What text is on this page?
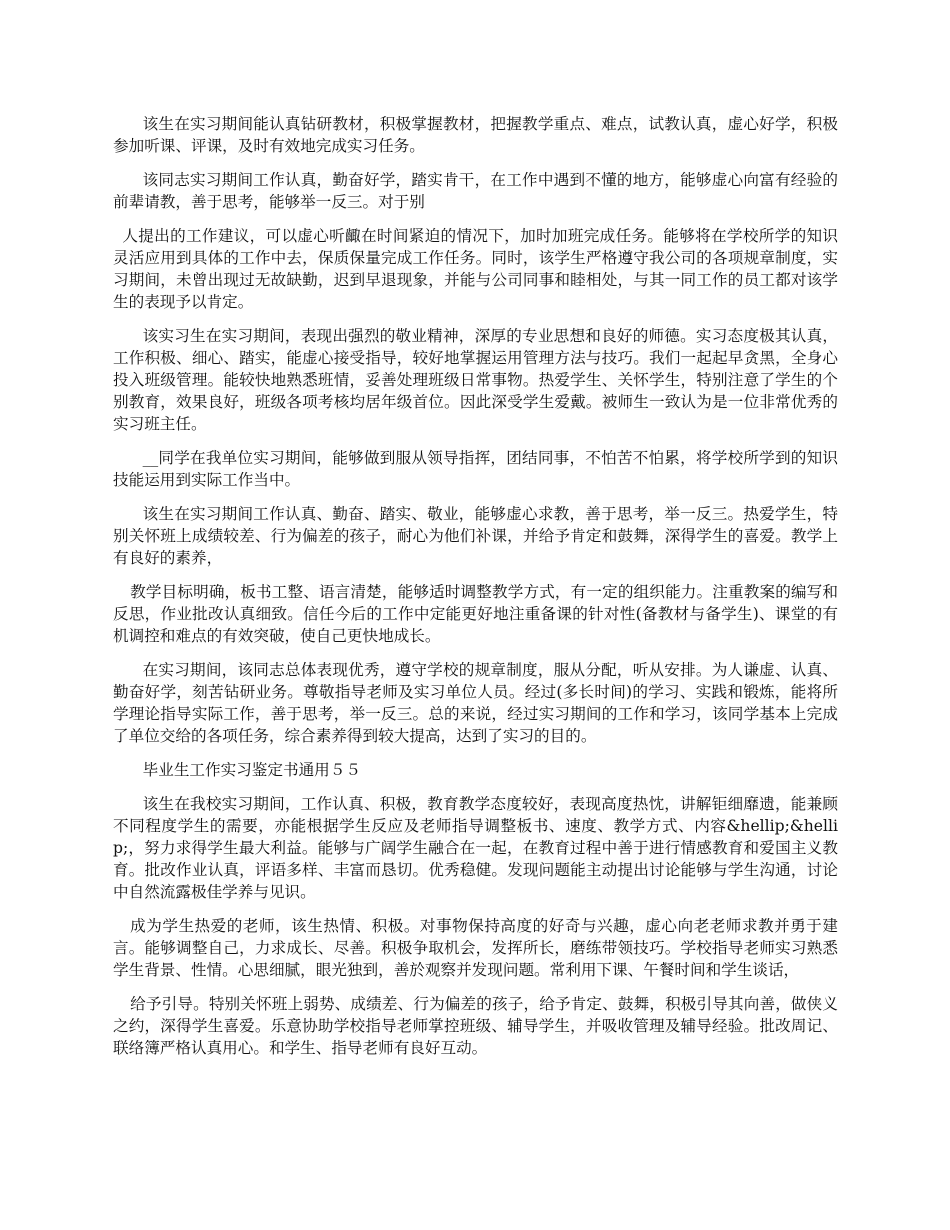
该生在实习期间能认真钻研教材，积极掌握教材，把握教学重点、难点，试教认真，虚心好学，积极参加听课、评课，及时有效地完成实习任务。

该同志实习期间工作认真，勤奋好学，踏实肯干，在工作中遇到不懂的地方，能够虚心向富有经验的前辈请教，善于思考，能够举一反三。对于别

人提出的工作建议，可以虚心听齱在时间紧迫的情况下，加时加班完成任务。能够将在学校所学的知识灵活应用到具体的工作中去，保质保量完成工作任务。同时，该学生严格遵守我公司的各项规章制度，实习期间，未曾出现过无故缺勤，迟到早退现象，并能与公司同事和睦相处，与其一同工作的员工都对该学生的表现予以肯定。

该实习生在实习期间，表现出强烈的敬业精神，深厚的专业思想和良好的师德。实习态度极其认真，工作积极、细心、踏实，能虚心接受指导，较好地掌握运用管理方法与技巧。我们一起起早贪黑，全身心投入班级管理。能较快地熟悉班情，妥善处理班级日常事物。热爱学生、关怀学生，特别注意了学生的个别教育，效果良好，班级各项考核均居年级首位。因此深受学生爱戴。被师生一致认为是一位非常优秀的实习班主任。

__同学在我单位实习期间，能够做到服从领导指挥，团结同事，不怕苦不怕累，将学校所学到的知识技能运用到实际工作当中。

该生在实习期间工作认真、勤奋、踏实、敬业，能够虚心求教，善于思考，举一反三。热爱学生，特别关怀班上成绩较差、行为偏差的孩子，耐心为他们补课，并给予肯定和鼓舞，深得学生的喜爱。教学上有良好的素养，

教学目标明确，板书工整、语言清楚，能够适时调整教学方式，有一定的组织能力。注重教案的编写和反思，作业批改认真细致。信任今后的工作中定能更好地注重备课的针对性(备教材与备学生)、课堂的有机调控和难点的有效突破，使自己更快地成长。

在实习期间，该同志总体表现优秀，遵守学校的规章制度，服从分配，听从安排。为人谦虚、认真、勤奋好学，刻苦钻研业务。尊敬指导老师及实习单位人员。经过(多长时间)的学习、实践和锻炼，能将所学理论指导实际工作，善于思考，举一反三。总的来说，经过实习期间的工作和学习，该同学基本上完成了单位交给的各项任务，综合素养得到较大提高，达到了实习的目的。

毕业生工作实习鉴定书通用５５

该生在我校实习期间，工作认真、积极，教育教学态度较好，表现高度热忱，讲解钜细靡遗，能兼顾不同程度学生的需要，亦能根据学生反应及老师指导调整板书、速度、教学方式、内容&hellip;&hellip;，努力求得学生最大利益。能够与广阔学生融合在一起，在教育过程中善于进行情感教育和爱国主义教育。批改作业认真，评语多样、丰富而恳切。优秀稳健。发现问题能主动提出讨论能够与学生沟通，讨论中自然流露极佳学养与见识。

成为学生热爱的老师，该生热情、积极。对事物保持高度的好奇与兴趣，虚心向老老师求教并勇于建言。能够调整自己，力求成长、尽善。积极争取机会，发挥所长，磨练带领技巧。学校指导老师实习熟悉学生背景、性情。心思细腻，眼光独到，善於观察并发现问题。常利用下课、午餐时间和学生谈话，

给予引导。特别关怀班上弱势、成绩差、行为偏差的孩子，给予肯定、鼓舞，积极引导其向善，做侠义之约，深得学生喜爱。乐意协助学校指导老师掌控班级、辅导学生，并吸收管理及辅导经验。批改周记、联络簿严格认真用心。和学生、指导老师有良好互动。
